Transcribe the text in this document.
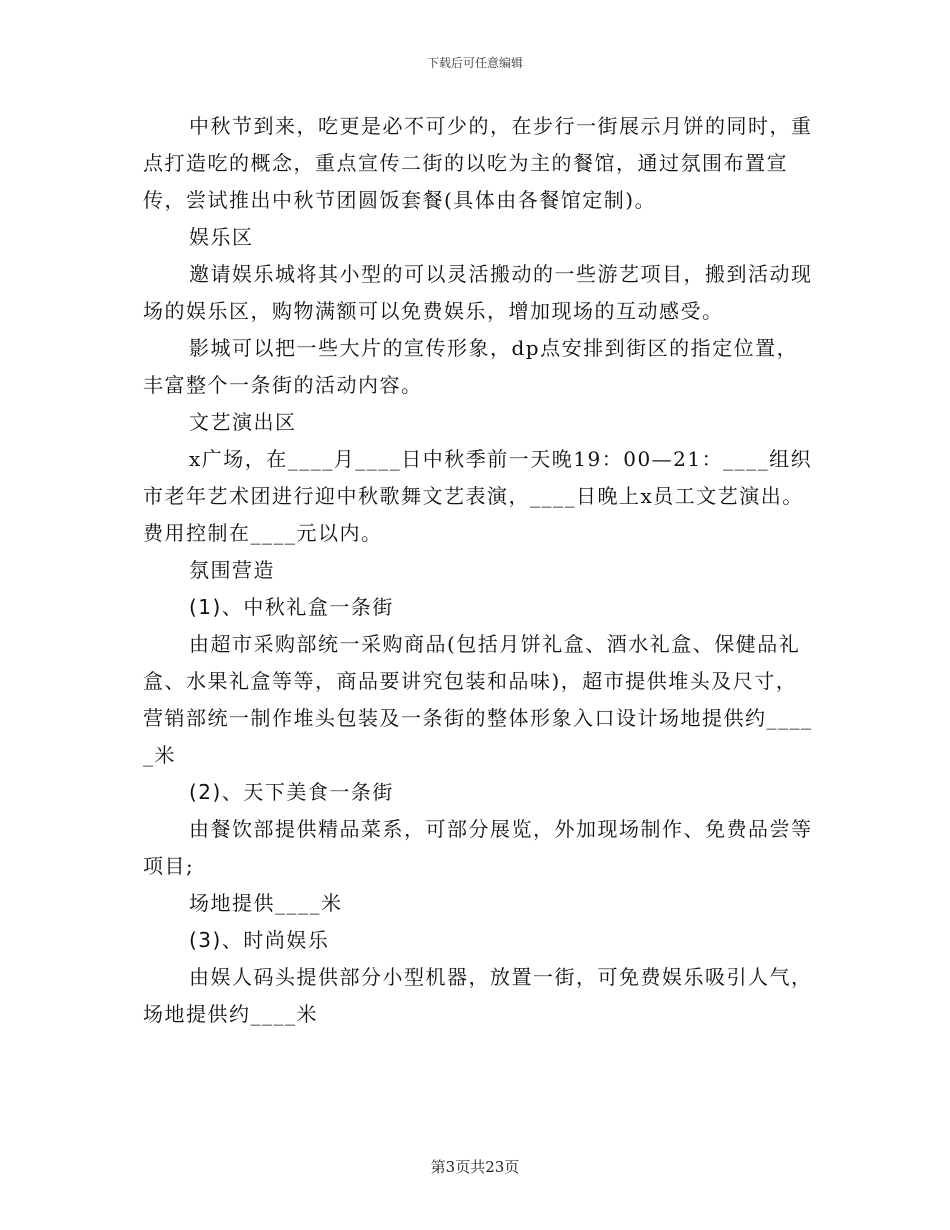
下载后可任意编辑

中秋节到来，吃更是必不可少的，在步行一街展示月饼的同时，重点打造吃的概念，重点宣传二街的以吃为主的餐馆，通过氛围布置宣传，尝试推出中秋节团圆饭套餐(具体由各餐馆定制)。

娱乐区

邀请娱乐城将其小型的可以灵活搬动的一些游艺项目，搬到活动现场的娱乐区，购物满额可以免费娱乐，增加现场的互动感受。

影城可以把一些大片的宣传形象，dp点安排到街区的指定位置，丰富整个一条街的活动内容。

文艺演出区

x广场，在____月____日中秋季前一天晚19：00—21：____组织市老年艺术团进行迎中秋歌舞文艺表演，____日晚上x员工文艺演出。费用控制在____元以内。

氛围营造

(1)、中秋礼盒一条街

由超市采购部统一采购商品(包括月饼礼盒、酒水礼盒、保健品礼盒、水果礼盒等等，商品要讲究包装和品味)，超市提供堆头及尺寸，营销部统一制作堆头包装及一条街的整体形象入口设计场地提供约_____米

(2)、天下美食一条街

由餐饮部提供精品菜系，可部分展览，外加现场制作、免费品尝等项目;

场地提供____米

(3)、时尚娱乐

由娱人码头提供部分小型机器，放置一街，可免费娱乐吸引人气，场地提供约____米

第3页共23页
